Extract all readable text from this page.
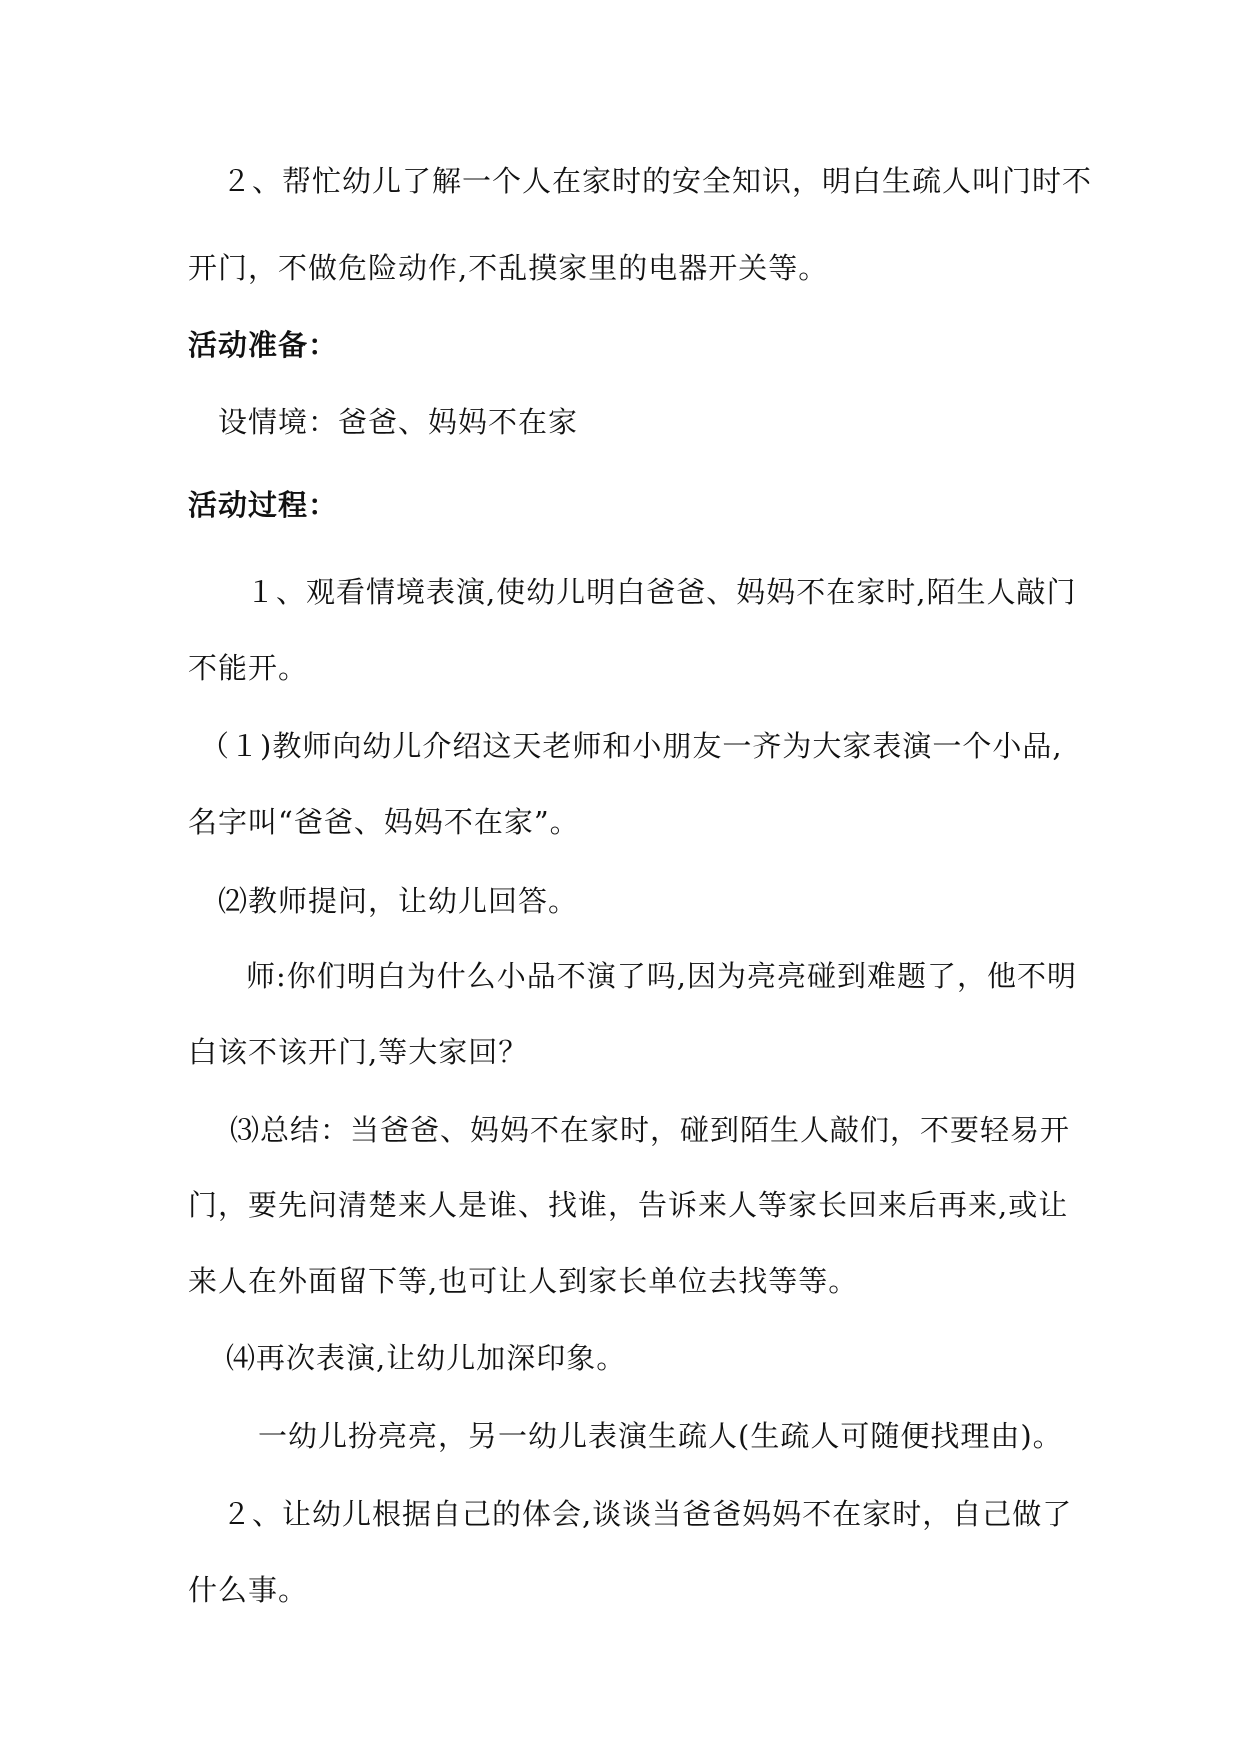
２、帮忙幼儿了解一个人在家时的安全知识，明白生疏人叫门时不
开门，不做危险动作,不乱摸家里的电器开关等。
活动准备：
设情境：爸爸、妈妈不在家
活动过程：
１、观看情境表演,使幼儿明白爸爸、妈妈不在家时,陌生人敲门
不能开。
（１)教师向幼儿介绍这天老师和小朋友一齐为大家表演一个小品,
名字叫“爸爸、妈妈不在家”。
⑵教师提问，让幼儿回答。
师:你们明白为什么小品不演了吗,因为亮亮碰到难题了，他不明
白该不该开门,等大家回？
⑶总结：当爸爸、妈妈不在家时，碰到陌生人敲们，不要轻易开
门，要先问清楚来人是谁、找谁，告诉来人等家长回来后再来,或让
来人在外面留下等,也可让人到家长单位去找等等。
⑷再次表演,让幼儿加深印象。
一幼儿扮亮亮，另一幼儿表演生疏人(生疏人可随便找理由)。
２、让幼儿根据自己的体会,谈谈当爸爸妈妈不在家时，自己做了
什么事。
